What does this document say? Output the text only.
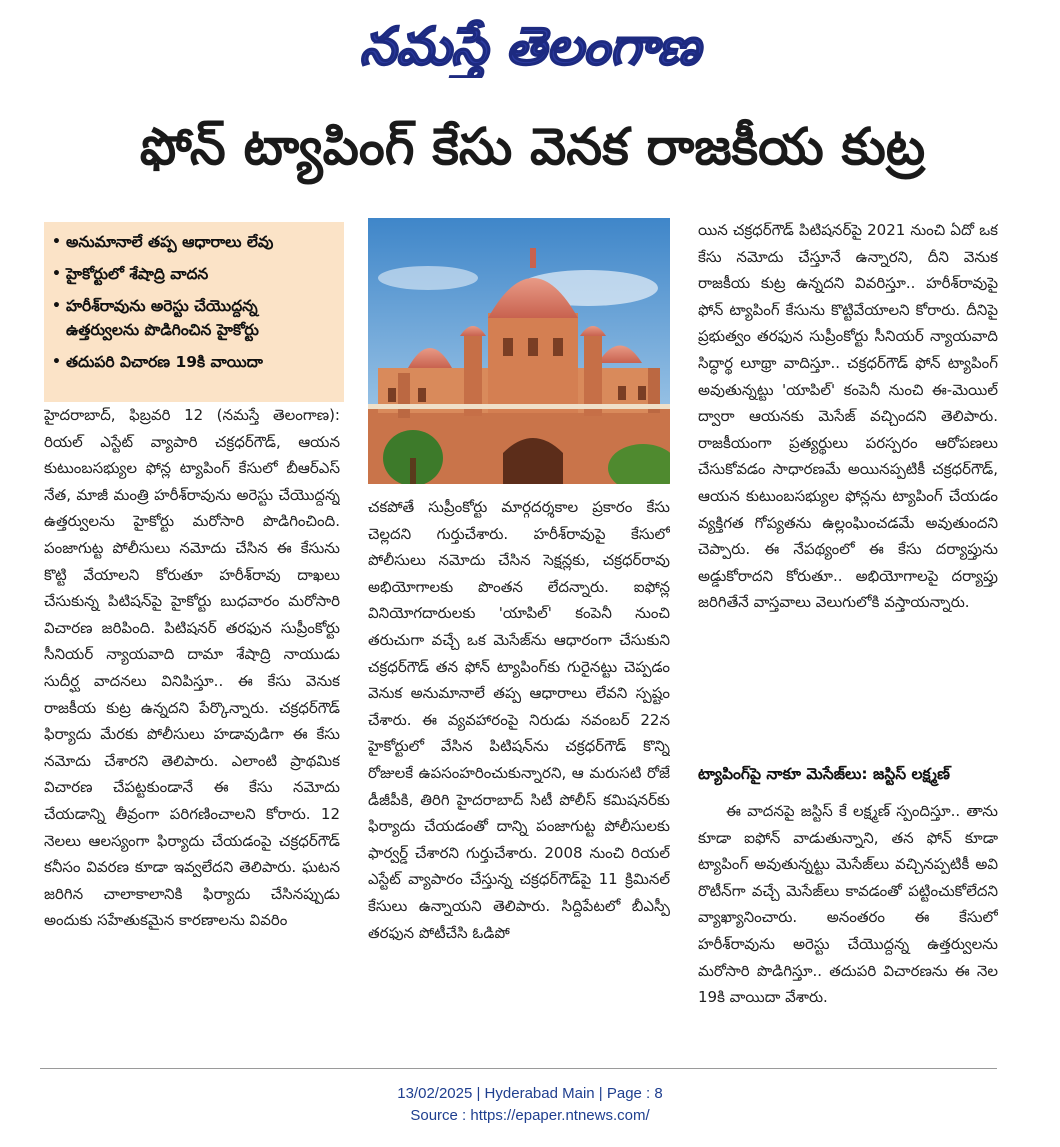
నమస్తే తెలంగాణ
ఫోన్ ట్యాపింగ్ కేసు వెనక రాజకీయ కుట్ర
• అనుమానాలే తప్ప ఆధారాలు లేవు
• హైకోర్టులో శేషాద్రి వాదన
• హరీశ్‌రావును అరెస్టు చేయొద్దన్న ఉత్తర్వులను పొడిగించిన హైకోర్టు
• తదుపరి విచారణ 19కి వాయిదా
హైదరాబాద్, ఫిబ్రవరి 12 (నమస్తే తెలంగాణ): రియల్ ఎస్టేట్ వ్యాపారి చక్రధర్‌గౌడ్, ఆయన కుటుంబసభ్యుల ఫోన్ల ట్యాపింగ్ కేసులో బీఆర్‌ఎస్ నేత, మాజీ మంత్రి హరీశ్‌రావును అరెస్టు చేయొద్దన్న ఉత్తర్వులను హైకోర్టు మరోసారి పొడిగించింది. పంజాగుట్ట పోలీసులు నమోదు చేసిన ఈ కేసును కొట్టి వేయాలని కోరుతూ హరీశ్‌రావు దాఖలు చేసుకున్న పిటిషన్‌పై హైకోర్టు బుధవారం మరోసారి విచారణ జరిపింది. పిటిషనర్ తరఫున సుప్రీంకోర్టు సీనియర్ న్యాయవాది దామా శేషాద్రి నాయుడు సుదీర్ఘ వాదనలు వినిపిస్తూ.. ఈ కేసు వెనుక రాజకీయ కుట్ర ఉన్నదని పేర్కొన్నారు. చక్రధర్‌గౌడ్ ఫిర్యాదు మేరకు పోలీసులు హడావుడిగా ఈ కేసు నమోదు చేశారని తెలిపారు. ఎలాంటి ప్రాథమిక విచారణ చేపట్టకుండానే ఈ కేసు నమోదు చేయడాన్ని తీవ్రంగా పరిగణించాలని కోరారు. 12 నెలలు ఆలస్యంగా ఫిర్యాదు చేయడంపై చక్రధర్‌గౌడ్ కనీసం వివరణ కూడా ఇవ్వలేదని తెలిపారు. ఘటన జరిగిన చాలాకాలానికి ఫిర్యాదు చేసినప్పుడు అందుకు సహేతుకమైన కారణాలను వివరిం
చకపోతే సుప్రీంకోర్టు మార్గదర్శకాల ప్రకారం కేసు చెల్లదని గుర్తుచేశారు. హరీశ్‌రావుపై కేసులో పోలీసులు నమోదు చేసిన సెక్షన్లకు, చక్రధర్‌రావు అభియోగాలకు పొంతన లేదన్నారు. ఐఫోన్ల వినియోగదారులకు 'యాపిల్' కంపెనీ నుంచి తరుచుగా వచ్చే ఒక మెసేజ్‌ను ఆధారంగా చేసుకుని చక్రధర్‌గౌడ్ తన ఫోన్ ట్యాపింగ్‌కు గురైనట్టు చెప్పడం వెనుక అనుమానాలే తప్ప ఆధారాలు లేవని స్పష్టం చేశారు. ఈ వ్యవహారంపై నిరుడు నవంబర్ 22న హైకోర్టులో వేసిన పిటిషన్‌ను చక్రధర్‌గౌడ్ కొన్ని రోజులకే ఉపసంహరించుకున్నారని, ఆ మరుసటి రోజే డీజీపీకి, తిరిగి హైదరాబాద్ సిటీ పోలీస్ కమిషనర్‌కు ఫిర్యాదు చేయడంతో దాన్ని పంజాగుట్ట పోలీసులకు ఫార్వర్డ్ చేశారని గుర్తుచేశారు. 2008 నుంచి రియల్ ఎస్టేట్ వ్యాపారం చేస్తున్న చక్రధర్‌గౌడ్‌పై 11 క్రిమినల్ కేసులు ఉన్నాయని తెలిపారు. సిద్దిపేటలో బీఎస్పీ తరఫున పోటీచేసి ఓడిపో
యిన చక్రధర్‌గౌడ్ పిటిషనర్‌పై 2021 నుంచి ఏదో ఒక కేసు నమోదు చేస్తూనే ఉన్నారని, దీని వెనుక రాజకీయ కుట్ర ఉన్నదని వివరిస్తూ.. హరీశ్‌రావుపై ఫోన్ ట్యాపింగ్ కేసును కొట్టివేయాలని కోరారు. దీనిపై ప్రభుత్వం తరఫున సుప్రీంకోర్టు సీనియర్ న్యాయవాది సిద్ధార్థ లూథ్రా వాదిస్తూ.. చక్రధర్‌గౌడ్ ఫోన్ ట్యాపింగ్ అవుతున్నట్టు 'యాపిల్' కంపెనీ నుంచి ఈ-మెయిల్ ద్వారా ఆయనకు మెసేజ్ వచ్చిందని తెలిపారు. రాజకీయంగా ప్రత్యర్థులు పరస్పరం ఆరోపణలు చేసుకోవడం సాధారణమే అయినప్పటికీ చక్రధర్‌గౌడ్, ఆయన కుటుంబసభ్యుల ఫోన్లను ట్యాపింగ్ చేయడం వ్యక్తిగత గోప్యతను ఉల్లంఘించడమే అవుతుందని చెప్పారు. ఈ నేపథ్యంలో ఈ కేసు దర్యాప్తును అడ్డుకోరాదని కోరుతూ.. అభియోగాలపై దర్యాప్తు జరిగితేనే వాస్తవాలు వెలుగులోకి వస్తాయన్నారు.
ట్యాపింగ్‌పై నాకూ మెసేజ్‌లు: జస్టిస్ లక్ష్మణ్
ఈ వాదనపై జస్టిస్ కే లక్ష్మణ్ స్పందిస్తూ.. తాను కూడా ఐఫోన్ వాడుతున్నాని, తన ఫోన్ కూడా ట్యాపింగ్ అవుతున్నట్టు మెసేజ్‌లు వచ్చినప్పటికీ అవి రొటీన్‌గా వచ్చే మెసేజ్‌లు కావడంతో పట్టించుకోలేదని వ్యాఖ్యానించారు. అనంతరం ఈ కేసులో హరీశ్‌రావును అరెస్టు చేయొద్దన్న ఉత్తర్వులను మరోసారి పొడిగిస్తూ.. తదుపరి విచారణను ఈ నెల 19కి వాయిదా వేశారు.
13/02/2025 | Hyderabad Main | Page : 8
Source : https://epaper.ntnews.com/
